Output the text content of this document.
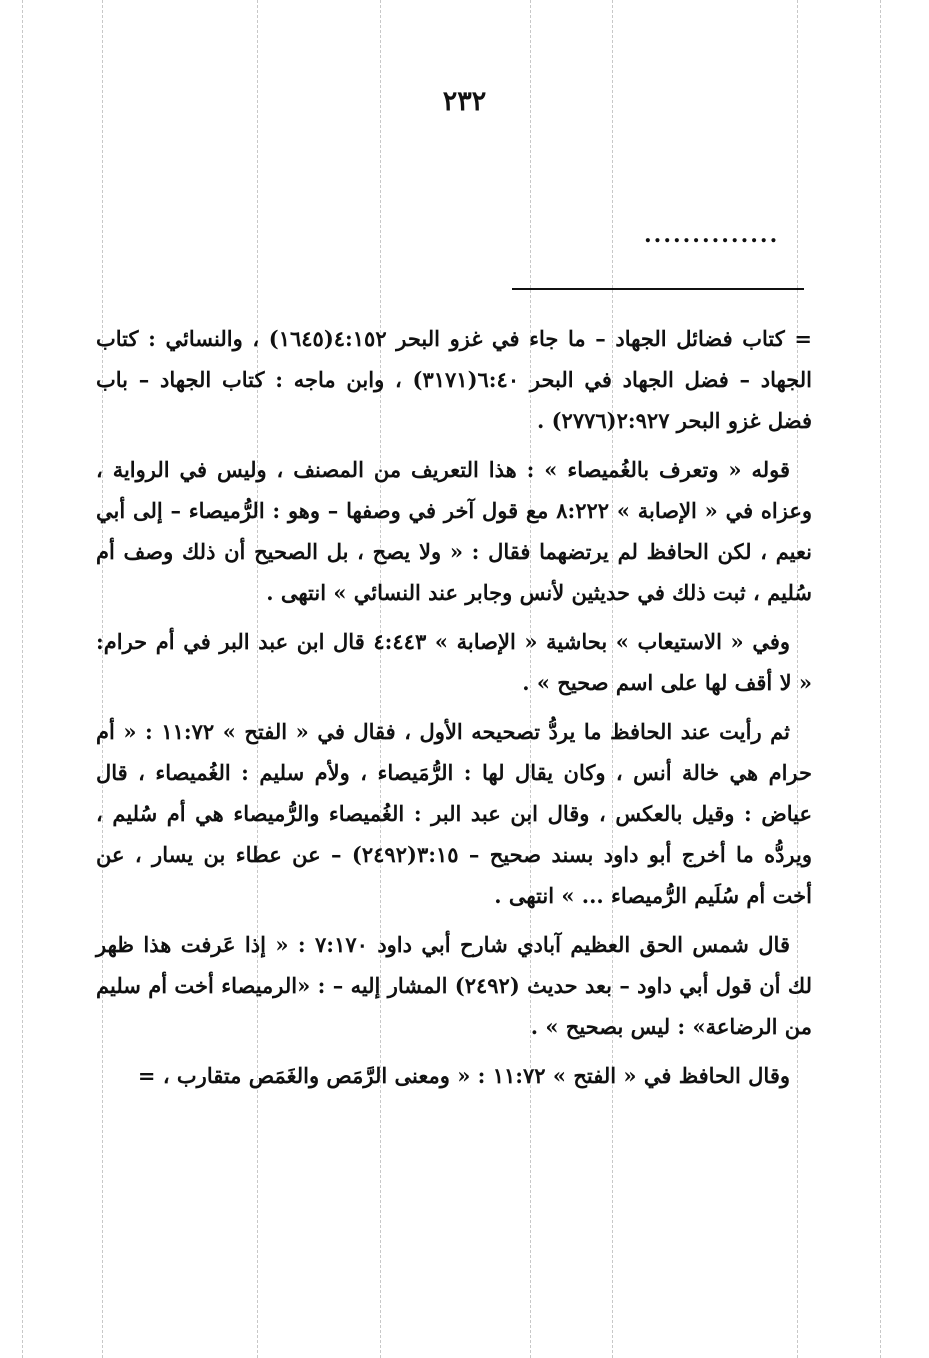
٢٣٢
..............

= كتاب فضائل الجهاد – ما جاء في غزو البحر ٤:١٥٢(١٦٤٥) ، والنسائي : كتاب الجهاد – فضل الجهاد في البحر ٦:٤٠(٣١٧١) ، وابن ماجه : كتاب الجهاد – باب فضل غزو البحر ٢:٩٢٧(٢٧٧٦) .

قوله « وتعرف بالغُميصاء » : هذا التعريف من المصنف ، وليس في الرواية ، وعزاه في « الإصابة » ٨:٢٢٢ مع قول آخر في وصفها – وهو : الرُّميصاء – إلى أبي نعيم ، لكن الحافظ لم يرتضهما فقال : « ولا يصح ، بل الصحيح أن ذلك وصف أم سُليم ، ثبت ذلك في حديثين لأنس وجابر عند النسائي » انتهى .

وفي « الاستيعاب » بحاشية « الإصابة » ٤:٤٤٣ قال ابن عبد البر في أم حرام: « لا أقف لها على اسم صحيح » .

ثم رأيت عند الحافظ ما يردُّ تصحيحه الأول ، فقال في « الفتح » ١١:٧٢ : « أم حرام هي خالة أنس ، وكان يقال لها : الرُّمَيصاء ، ولأم سليم : الغُميصاء ، قال عياض : وقيل بالعكس ، وقال ابن عبد البر : الغُميصاء والرُّميصاء هي أم سُليم ، ويردُّه ما أخرج أبو داود بسند صحيح – ٣:١٥(٢٤٩٢) – عن عطاء بن يسار ، عن أخت أم سُلَيم الرُّميصاء ... » انتهى .

قال شمس الحق العظيم آبادي شارح أبي داود ٧:١٧٠ : « إذا عَرفت هذا ظهر لك أن قول أبي داود – بعد حديث (٢٤٩٢) المشار إليه – : «الرميصاء أخت أم سليم من الرضاعة» : ليس بصحيح » .

وقال الحافظ في « الفتح » ١١:٧٢ : « ومعنى الرَّمَص والغَمَص متقارب ، =
